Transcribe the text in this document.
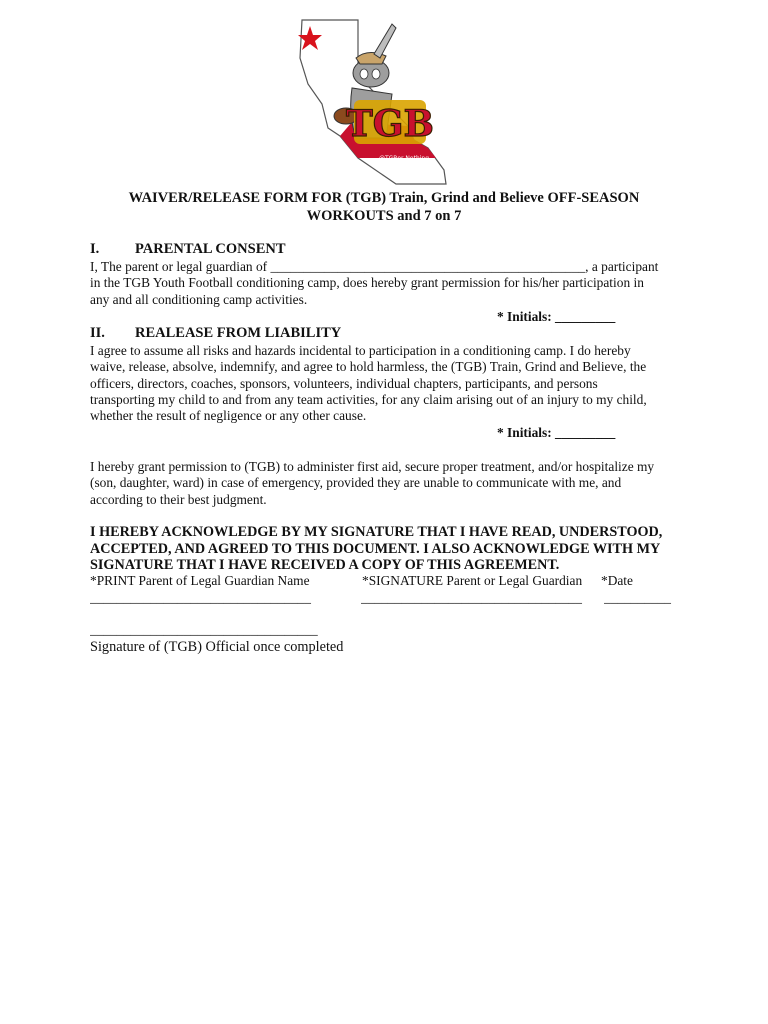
TGB
@TGBor Nothing
WAIVER/RELEASE FORM FOR (TGB) Train, Grind and Believe OFF-SEASON
WORKOUTS and 7 on 7
I. PARENTAL CONSENT
I, The parent or legal guardian of _______________________________________________, a participant
in the TGB Youth Football conditioning camp, does hereby grant permission for his/her participation in
any and all conditioning camp activities.
* Initials: _________
II. REALEASE FROM LIABILITY
I agree to assume all risks and hazards incidental to participation in a conditioning camp. I do hereby
waive, release, absolve, indemnify, and agree to hold harmless, the (TGB) Train, Grind and Believe, the
officers, directors, coaches, sponsors, volunteers, individual chapters, participants, and persons
transporting my child to and from any team activities, for any claim arising out of an injury to my child,
whether the result of negligence or any other cause.
* Initials: _________
I hereby grant permission to (TGB) to administer first aid, secure proper treatment, and/or hospitalize my
(son, daughter, ward) in case of emergency, provided they are unable to communicate with me, and
according to their best judgment.
I HEREBY ACKNOWLEDGE BY MY SIGNATURE THAT I HAVE READ, UNDERSTOOD,
ACCEPTED, AND AGREED TO THIS DOCUMENT. I ALSO ACKNOWLEDGE WITH MY
SIGNATURE THAT I HAVE RECEIVED A COPY OF THIS AGREEMENT.
*PRINT Parent of Legal Guardian Name	*SIGNATURE Parent or Legal Guardian *Date
_________________________________	_________________________________	__________
__________________________________
Signature of (TGB) Official once completed
